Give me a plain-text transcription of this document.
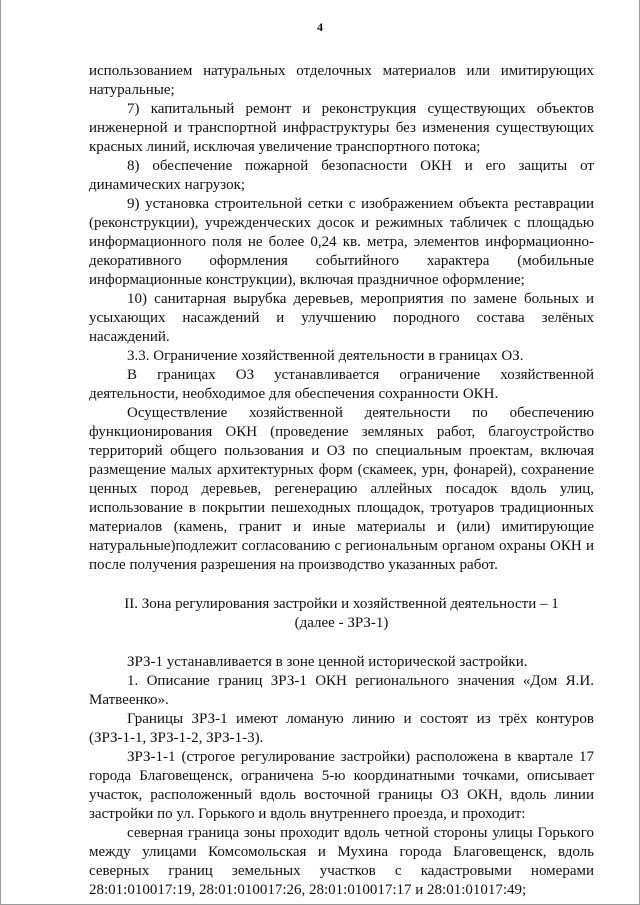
4

использованием натуральных отделочных материалов или имитирующих натуральные;

7) капитальный ремонт и реконструкция существующих объектов инженерной и транспортной инфраструктуры без изменения существующих красных линий, исключая увеличение транспортного потока;

8) обеспечение пожарной безопасности ОКН и его защиты от динамических нагрузок;

9) установка строительной сетки с изображением объекта реставрации (реконструкции), учрежденческих досок и режимных табличек с площадью информационного поля не более 0,24 кв. метра, элементов информационно-декоративного оформления событийного характера (мобильные информационные конструкции), включая праздничное оформление;

10) санитарная вырубка деревьев, мероприятия по замене больных и усыхающих насаждений и улучшению породного состава зелёных насаждений.

3.3. Ограничение хозяйственной деятельности в границах ОЗ.

В границах ОЗ устанавливается ограничение хозяйственной деятельности, необходимое для обеспечения сохранности ОКН.

Осуществление хозяйственной деятельности по обеспечению функционирования ОКН (проведение земляных работ, благоустройство территорий общего пользования и ОЗ по специальным проектам, включая размещение малых архитектурных форм (скамеек, урн, фонарей), сохранение ценных пород деревьев, регенерацию аллейных посадок вдоль улиц, использование в покрытии пешеходных площадок, тротуаров традиционных материалов (камень, гранит и иные материалы и (или) имитирующие натуральные)подлежит согласованию с региональным органом охраны ОКН и после получения разрешения на производство указанных работ.

II. Зона регулирования застройки и хозяйственной деятельности – 1 (далее - ЗРЗ-1)

ЗРЗ-1 устанавливается в зоне ценной исторической застройки.

1. Описание границ ЗРЗ-1 ОКН регионального значения «Дом Я.И. Матвеенко».

Границы ЗРЗ-1 имеют ломаную линию и состоят из трёх контуров (ЗРЗ-1-1, ЗРЗ-1-2, ЗРЗ-1-3).

ЗРЗ-1-1 (строгое регулирование застройки) расположена в квартале 17 города Благовещенск, ограничена 5-ю координатными точками, описывает участок, расположенный вдоль восточной границы ОЗ ОКН, вдоль линии застройки по ул. Горького и вдоль внутреннего проезда, и проходит:

северная граница зоны проходит вдоль четной стороны улицы Горького между улицами Комсомольская и Мухина города Благовещенск, вдоль северных границ земельных участков с кадастровыми номерами 28:01:010017:19, 28:01:010017:26, 28:01:010017:17 и 28:01:01017:49;
